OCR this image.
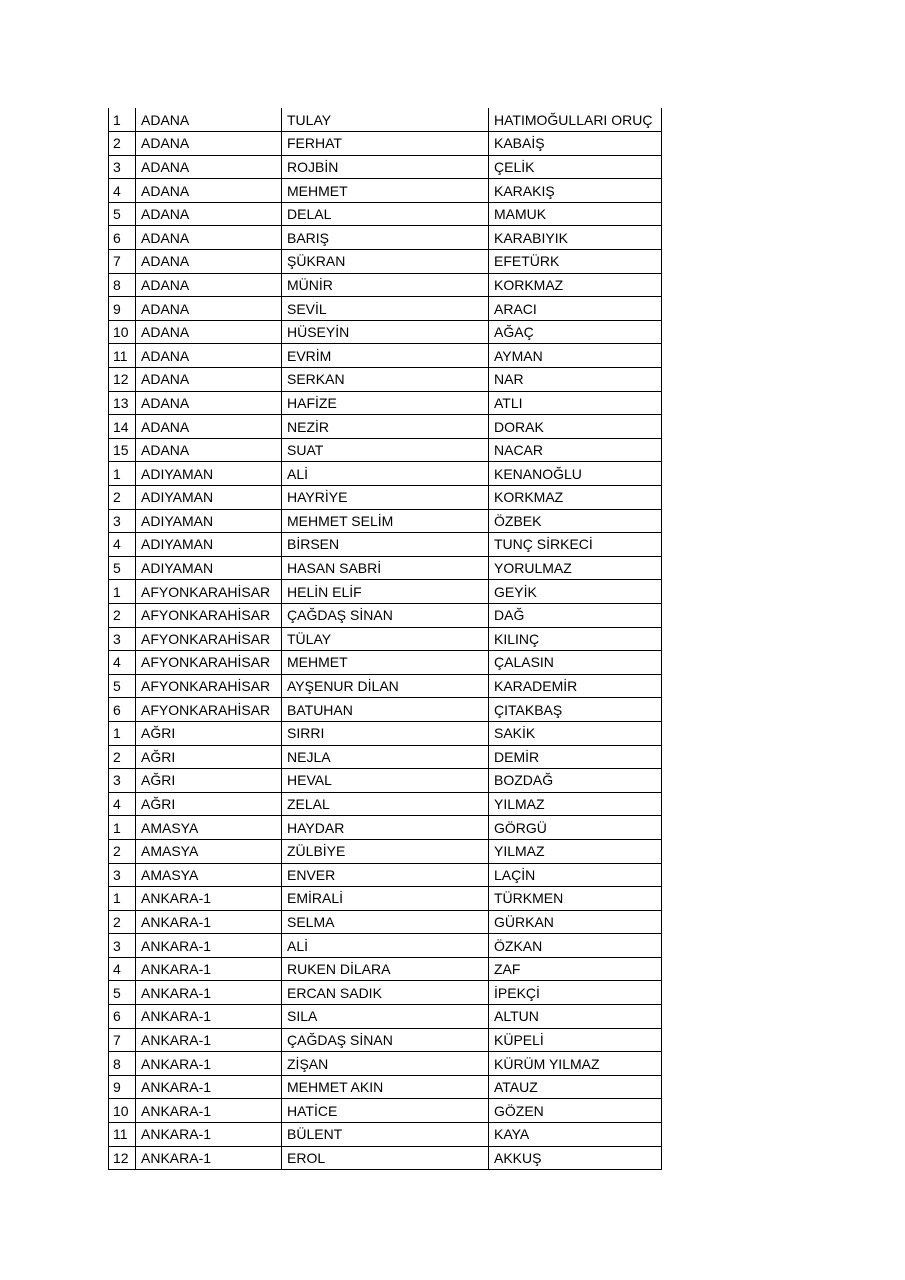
1	ADANA	TULAY	HATIMOĞULLARI ORUÇ
2	ADANA	FERHAT	KABAİŞ
3	ADANA	ROJBİN	ÇELİK
4	ADANA	MEHMET	KARAKIŞ
5	ADANA	DELAL	MAMUK
6	ADANA	BARIŞ	KARABIYIK
7	ADANA	ŞÜKRAN	EFETÜRK
8	ADANA	MÜNİR	KORKMAZ
9	ADANA	SEVİL	ARACI
10	ADANA	HÜSEYİN	AĞAÇ
11	ADANA	EVRİM	AYMAN
12	ADANA	SERKAN	NAR
13	ADANA	HAFİZE	ATLI
14	ADANA	NEZİR	DORAK
15	ADANA	SUAT	NACAR
1	ADIYAMAN	ALİ	KENANOĞLU
2	ADIYAMAN	HAYRİYE	KORKMAZ
3	ADIYAMAN	MEHMET SELİM	ÖZBEK
4	ADIYAMAN	BİRSEN	TUNÇ SİRKECİ
5	ADIYAMAN	HASAN SABRİ	YORULMAZ
1	AFYONKARAHİSAR	HELİN ELİF	GEYİK
2	AFYONKARAHİSAR	ÇAĞDAŞ SİNAN	DAĞ
3	AFYONKARAHİSAR	TÜLAY	KILINÇ
4	AFYONKARAHİSAR	MEHMET	ÇALASIN
5	AFYONKARAHİSAR	AYŞENUR DİLAN	KARADEMİR
6	AFYONKARAHİSAR	BATUHAN	ÇITAKBAŞ
1	AĞRI	SIRRI	SAKİK
2	AĞRI	NEJLA	DEMİR
3	AĞRI	HEVAL	BOZDAĞ
4	AĞRI	ZELAL	YILMAZ
1	AMASYA	HAYDAR	GÖRGÜ
2	AMASYA	ZÜLBİYE	YILMAZ
3	AMASYA	ENVER	LAÇİN
1	ANKARA-1	EMİRALİ	TÜRKMEN
2	ANKARA-1	SELMA	GÜRKAN
3	ANKARA-1	ALİ	ÖZKAN
4	ANKARA-1	RUKEN DİLARA	ZAF
5	ANKARA-1	ERCAN SADIK	İPEKÇİ
6	ANKARA-1	SILA	ALTUN
7	ANKARA-1	ÇAĞDAŞ SİNAN	KÜPELİ
8	ANKARA-1	ZİŞAN	KÜRÜM YILMAZ
9	ANKARA-1	MEHMET AKIN	ATAUZ
10	ANKARA-1	HATİCE	GÖZEN
11	ANKARA-1	BÜLENT	KAYA
12	ANKARA-1	EROL	AKKUŞ
